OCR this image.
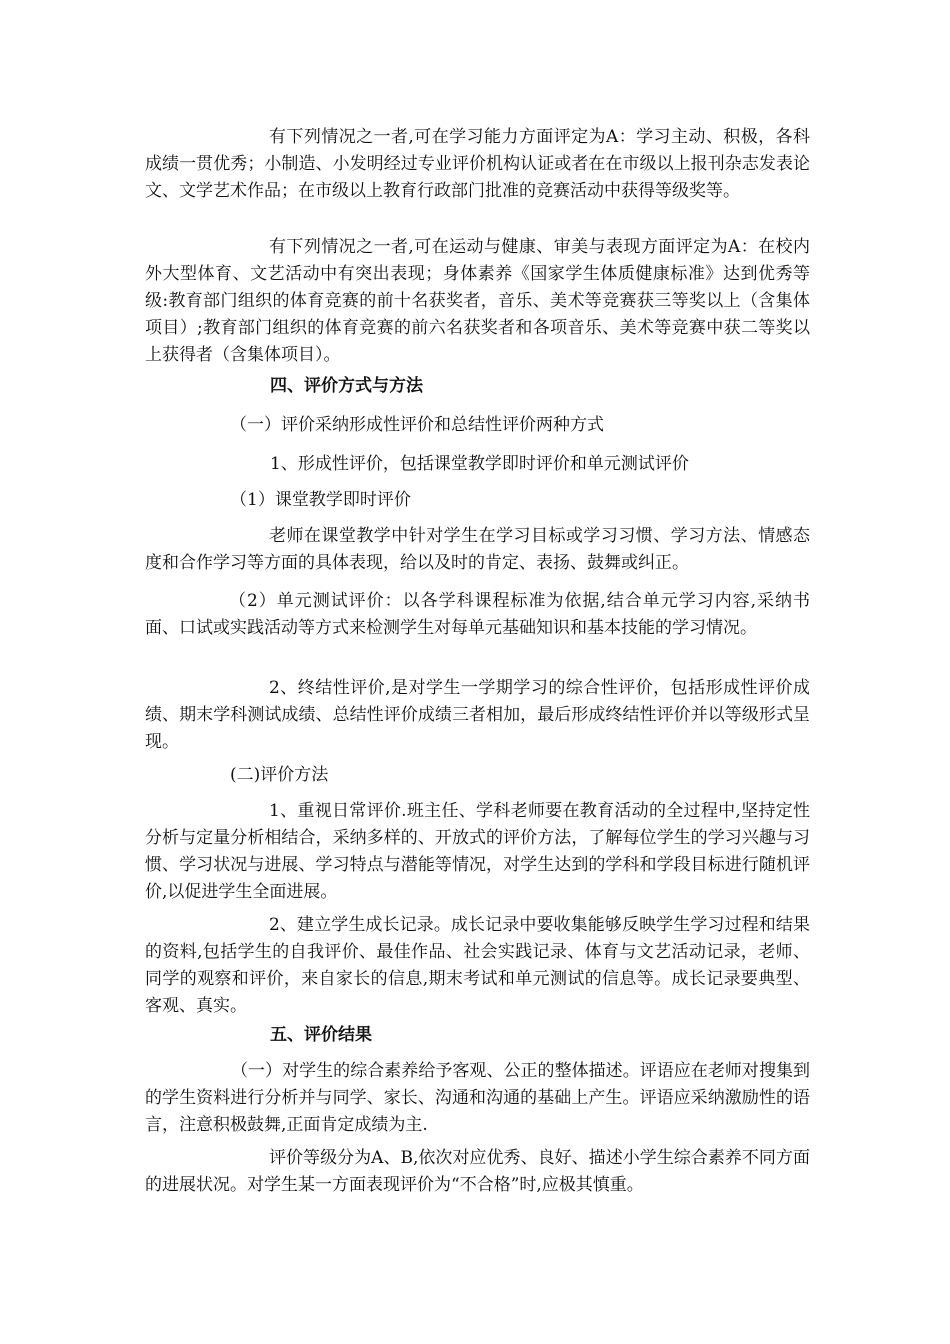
有下列情况之一者,可在学习能力方面评定为A：学习主动、积极，各科成绩一贯优秀；小制造、小发明经过专业评价机构认证或者在在市级以上报刊杂志发表论文、文学艺术作品；在市级以上教育行政部门批准的竞赛活动中获得等级奖等。
有下列情况之一者,可在运动与健康、审美与表现方面评定为A：在校内外大型体育、文艺活动中有突出表现；身体素养《国家学生体质健康标准》达到优秀等级:教育部门组织的体育竞赛的前十名获奖者，音乐、美术等竞赛获三等奖以上（含集体项目）;教育部门组织的体育竞赛的前六名获奖者和各项音乐、美术等竞赛中获二等奖以上获得者（含集体项目）。
四、评价方式与方法
（一）评价采纳形成性评价和总结性评价两种方式
1、形成性评价，包括课堂教学即时评价和单元测试评价
（1）课堂教学即时评价
老师在课堂教学中针对学生在学习目标或学习习惯、学习方法、情感态度和合作学习等方面的具体表现，给以及时的肯定、表扬、鼓舞或纠正。
（2）单元测试评价：以各学科课程标准为依据,结合单元学习内容,采纳书面、口试或实践活动等方式来检测学生对每单元基础知识和基本技能的学习情况。
2、终结性评价,是对学生一学期学习的综合性评价，包括形成性评价成绩、期末学科测试成绩、总结性评价成绩三者相加，最后形成终结性评价并以等级形式呈现。
(二)评价方法
1、重视日常评价.班主任、学科老师要在教育活动的全过程中,坚持定性分析与定量分析相结合，采纳多样的、开放式的评价方法，了解每位学生的学习兴趣与习惯、学习状况与进展、学习特点与潜能等情况，对学生达到的学科和学段目标进行随机评价,以促进学生全面进展。
2、建立学生成长记录。成长记录中要收集能够反映学生学习过程和结果的资料,包括学生的自我评价、最佳作品、社会实践记录、体育与文艺活动记录，老师、同学的观察和评价，来自家长的信息,期末考试和单元测试的信息等。成长记录要典型、客观、真实。
五、评价结果
（一）对学生的综合素养给予客观、公正的整体描述。评语应在老师对搜集到的学生资料进行分析并与同学、家长、沟通和沟通的基础上产生。评语应采纳激励性的语言，注意积极鼓舞,正面肯定成绩为主.
评价等级分为A、B,依次对应优秀、良好、描述小学生综合素养不同方面的进展状况。对学生某一方面表现评价为“不合格”时,应极其慎重。
